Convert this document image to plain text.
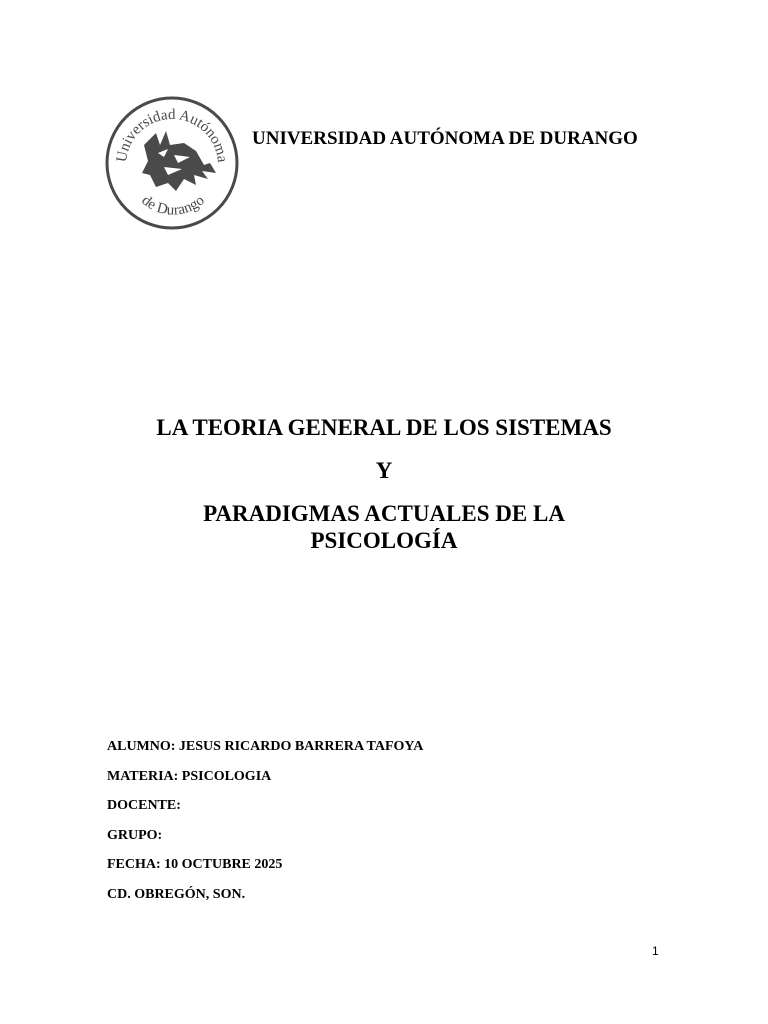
Universidad Autónoma
de Durango
UNIVERSIDAD AUTÓNOMA DE DURANGO
LA TEORIA GENERAL DE LOS SISTEMAS
Y
PARADIGMAS ACTUALES DE LA
PSICOLOGÍA
ALUMNO: JESUS RICARDO BARRERA TAFOYA
MATERIA: PSICOLOGIA
DOCENTE:
GRUPO:
FECHA: 10 OCTUBRE 2025
CD. OBREGÓN, SON.
1
